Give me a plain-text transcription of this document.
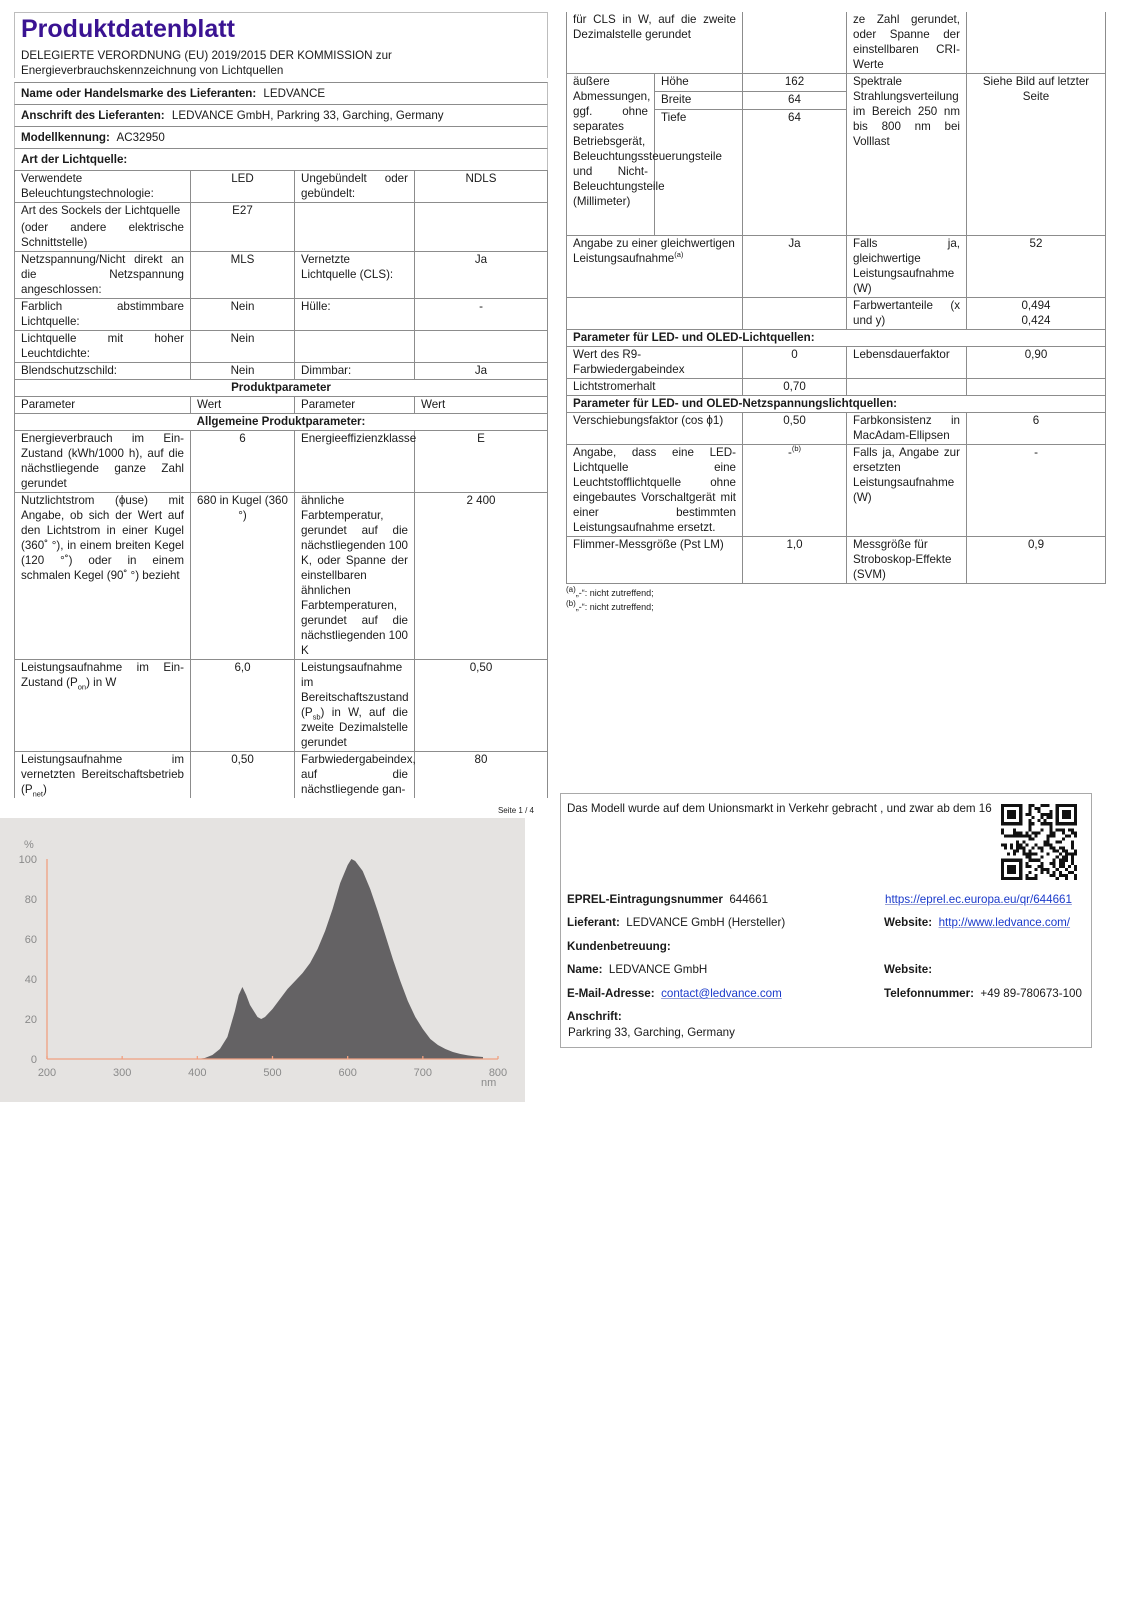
Produktdatenblatt
DELEGIERTE VERORDNUNG (EU) 2019/2015 DER KOMMISSION zur
Energieverbrauchskennzeichnung von Lichtquellen
Name oder Handelsmarke des Lieferanten: LEDVANCE
Anschrift des Lieferanten: LEDVANCE GmbH, Parkring 33, Garching, Germany
Modellkennung: AC32950
Art der Lichtquelle:
Verwendete Beleuchtungstechnologie:	LED	Ungebündelt oder gebündelt:	NDLS

Art des Sockels der Lichtquelle
(oder andere elektrische Schnittstelle)	E27		
Netzspannung/Nicht direkt an die Netzspannung angeschlossen:	MLS	Vernetzte Lichtquelle (CLS):	Ja
Farblich abstimmbare Lichtquelle:	Nein	Hülle:	-
Lichtquelle mit hoher Leuchtdichte:	Nein		
Blendschutzschild:	Nein	Dimmbar:	Ja
Produktparameter			
Parameter	Wert	Parameter	Wert
Allgemeine Produktparameter:			
Energieverbrauch im Ein-Zustand (kWh/1000 h), auf die nächstliegende ganze Zahl gerundet	6	Energieeffizienzklasse	E
Nutzlichtstrom (ϕuse) mit Angabe, ob sich der Wert auf den Lichtstrom in einer Kugel (360˚ °), in einem breiten Kegel (120 °˚) oder in einem schmalen Kegel (90˚ °) bezieht	680 in Kugel (360 °)	ähnliche Farbtemperatur, gerundet auf die nächstliegenden 100 K, oder Spanne der einstellbaren ähnlichen Farbtemperaturen, gerundet auf die nächstliegenden 100 K	2 400
Leistungsaufnahme im Ein-Zustand $(P_{on})$ in W	6,0	Leistungsaufnahme im Bereitschaftszustand $(P_{sb})$ in W, auf die zweite Dezimalstelle gerundet	0,50
Leistungsaufnahme im vernetzten Bereitschaftsbetrieb $(P_{net})$	0,50	Farbwiedergabeindex, auf die nächstliegende gan-	80
Seite 1 / 4
für CLS in W, auf die zweite Dezimalstelle gerundet			ze Zahl gerundet, oder Spanne der einstellbaren CRI-Werte	
äußere Abmessungen, ggf. ohne separates Betriebsgerät, Beleuchtungssteuerungsteile und Nicht-Beleuchtungsteile (Millimeter)	Höhe	162	Spektrale Strahlungsverteilung im Bereich 250 nm bis 800 nm bei Volllast	Siehe Bild auf letzter Seite
	Breite	64		
	Tiefe	64		
Angabe zu einer gleichwertigen Leistungsaufnahme$^{(a)}$		Ja	Falls ja, gleichwertige Leistungsaufnahme (W)	52
			Farbwertanteile (x und y)	0,494
0,424

Parameter für LED- und OLED-Lichtquellen:				
Wert des R9-Farbwiedergabeindex		0	Lebensdauerfaktor	0,90
Lichtstromerhalt		0,70		
Parameter für LED- und OLED-Netzspannungslichtquellen:				
Verschiebungsfaktor (cos ϕ1)		0,50	Farbkonsistenz in MacAdam-Ellipsen	6
Angabe, dass eine LED-Lichtquelle eine Leuchtstofflichtquelle ohne eingebautes Vorschaltgerät mit einer bestimmten Leistungsaufnahme ersetzt.		-$^{(b)}$	Falls ja, Angabe zur ersetzten Leistungsaufnahme (W)	-
Flimmer-Messgröße (Pst LM)		1,0	Messgröße für Stroboskop-Effekte (SVM)	0,9
$^{(a)}$„-“: nicht zutreffend;
$^{(b)}$„-“: nicht zutreffend;
200	300	400	500	600	700	800
0
20
40
60
80
100
%
nm
Das Modell wurde auf dem Unionsmarkt in Verkehr gebracht , und zwar ab dem 16
EPREL-Eintragungsnummer 644661	https://eprel.ec.europa.eu/qr/644661
Lieferant: LEDVANCE GmbH (Hersteller)	Website: http://www.ledvance.com/
Kundenbetreuung:
Name: LEDVANCE GmbH	Website:
E-Mail-Adresse: contact@ledvance.com	Telefonnummer: +49 89-780673-100
Anschrift:
Parkring 33, Garching, Germany
